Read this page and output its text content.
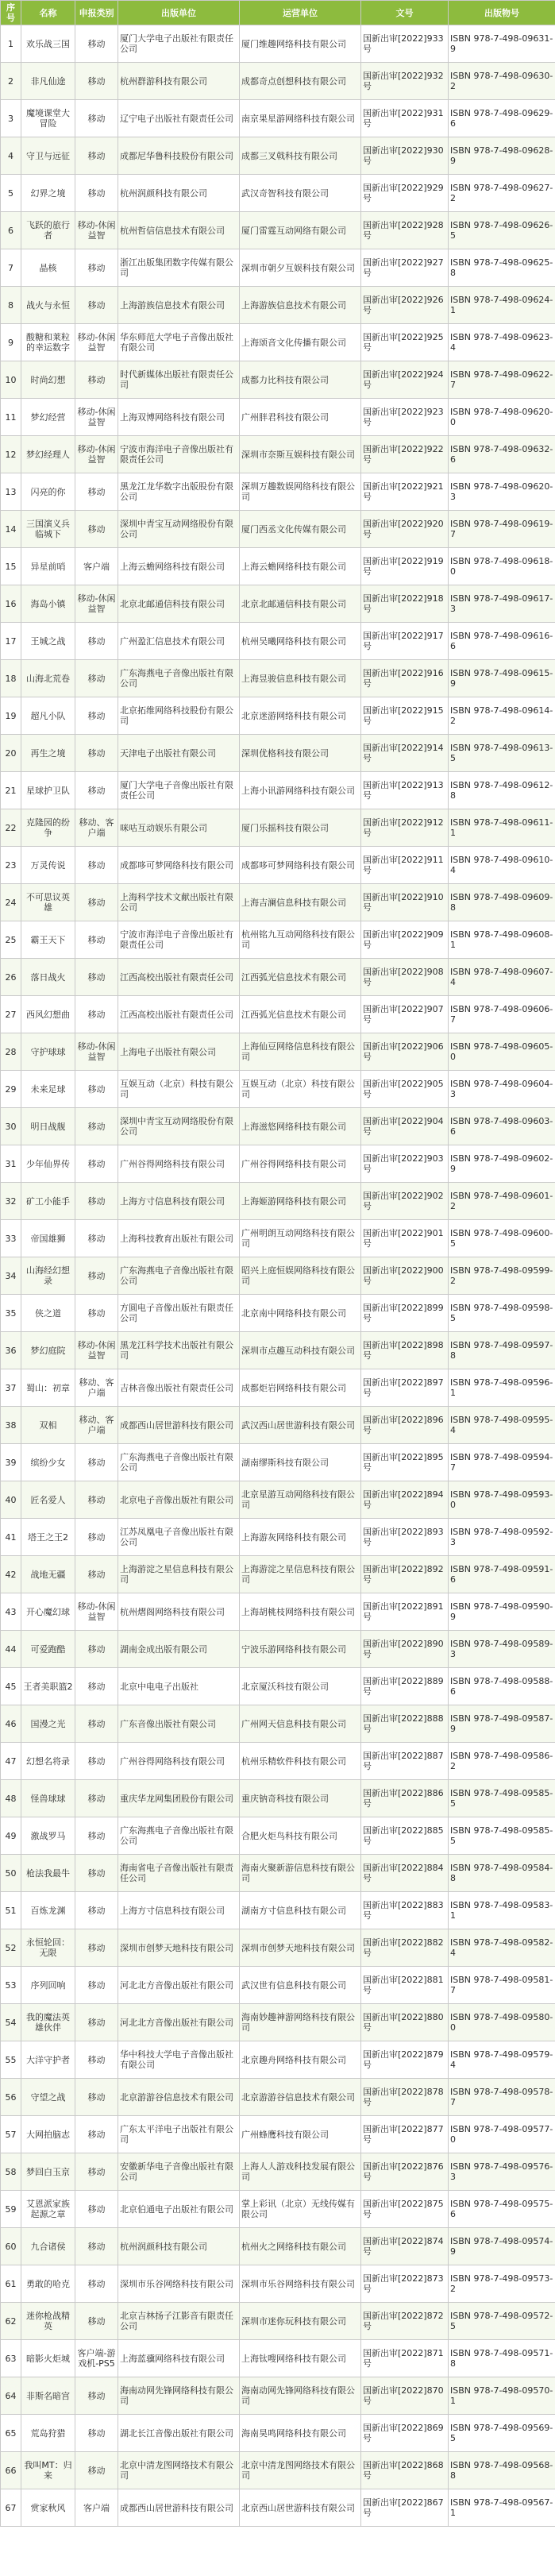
序号	名称	申报类别	出版单位	运营单位	文号	出版物号
1	欢乐战三国	移动	厦门大学电子出版社有限责任公司	厦门维趣网络科技有限公司	国新出审[2022]933号	ISBN 978-7-498-09631-9
2	非凡仙途	移动	杭州群游科技有限公司	成都奇点创想科技有限公司	国新出审[2022]932号	ISBN 978-7-498-09630-2
3	魔境课堂大冒险	移动	辽宁电子出版社有限责任公司	南京果星游网络科技有限公司	国新出审[2022]931号	ISBN 978-7-498-09629-6
4	守卫与远征	移动	成都尼华鲁科技股份有限公司	成都三叉戟科技有限公司	国新出审[2022]930号	ISBN 978-7-498-09628-9
5	幻界之境	移动	杭州润颜科技有限公司	武汉奇智科技有限公司	国新出审[2022]929号	ISBN 978-7-498-09627-2
6	飞跃的旅行者	移动-休闲益智	杭州哲信信息技术有限公司	厦门雷霆互动网络有限公司	国新出审[2022]928号	ISBN 978-7-498-09626-5
7	晶核	移动	浙江出版集团数字传媒有限公司	深圳市朝夕互娱科技有限公司	国新出审[2022]927号	ISBN 978-7-498-09625-8
8	战火与永恒	移动	上海游族信息技术有限公司	上海游族信息技术有限公司	国新出审[2022]926号	ISBN 978-7-498-09624-1
9	酸糖和莱粒的幸运数字	移动-休闲益智	华东师范大学电子音像出版社有限公司	上海颂音文化传播有限公司	国新出审[2022]925号	ISBN 978-7-498-09623-4
10	时尚幻想	移动	时代新媒体出版社有限责任公司	成都力比科技有限公司	国新出审[2022]924号	ISBN 978-7-498-09622-7
11	梦幻经营	移动-休闲益智	上海双博网络科技有限公司	广州胖君科技有限公司	国新出审[2022]923号	ISBN 978-7-498-09620-0
12	梦幻经理人	移动-休闲益智	宁波市海洋电子音像出版社有限责任公司	深圳市奈斯互娱科技有限公司	国新出审[2022]922号	ISBN 978-7-498-09632-6
13	闪亮的你	移动	黑龙江龙华数字出版股份有限公司	深圳万趣数娱网络科技有限公司	国新出审[2022]921号	ISBN 978-7-498-09620-3
14	三国演义兵临城下	移动	深圳中青宝互动网络股份有限公司	厦门西丞文化传媒有限公司	国新出审[2022]920号	ISBN 978-7-498-09619-7
15	异星前哨	客户端	上海云蟾网络科技有限公司	上海云蟾网络科技有限公司	国新出审[2022]919号	ISBN 978-7-498-09618-0
16	海岛小镇	移动-休闲益智	北京北邮通信科技有限公司	北京北邮通信科技有限公司	国新出审[2022]918号	ISBN 978-7-498-09617-3
17	王城之战	移动	广州盈汇信息技术有限公司	杭州吴曦网络科技有限公司	国新出审[2022]917号	ISBN 978-7-498-09616-6
18	山海北荒卷	移动	广东海燕电子音像出版社有限公司	上海昱骏信息科技有限公司	国新出审[2022]916号	ISBN 978-7-498-09615-9
19	超凡小队	移动	北京拓维网络科技股份有限公司	北京迷游网络科技有限公司	国新出审[2022]915号	ISBN 978-7-498-09614-2
20	再生之境	移动	天津电子出版社有限公司	深圳优格科技有限公司	国新出审[2022]914号	ISBN 978-7-498-09613-5
21	星球护卫队	移动	厦门大学电子音像出版社有限责任公司	上海小讯游网络科技有限公司	国新出审[2022]913号	ISBN 978-7-498-09612-8
22	克隆园的纷争	移动、客户端	咪咕互动娱乐有限公司	厦门乐摇科技有限公司	国新出审[2022]912号	ISBN 978-7-498-09611-1
23	万灵传说	移动	成都哆可梦网络科技有限公司	成都哆可梦网络科技有限公司	国新出审[2022]911号	ISBN 978-7-498-09610-4
24	不可思议英雄	移动	上海科学技术文献出版社有限公司	上海吉澜信息科技有限公司	国新出审[2022]910号	ISBN 978-7-498-09609-8
25	霸王天下	移动	宁波市海洋电子音像出版社有限责任公司	杭州铭九互动网络科技有限公司	国新出审[2022]909号	ISBN 978-7-498-09608-1
26	落日战火	移动	江西高校出版社有限责任公司	江西弧光信息技术有限公司	国新出审[2022]908号	ISBN 978-7-498-09607-4
27	西风幻想曲	移动	江西高校出版社有限责任公司	江西弧光信息技术有限公司	国新出审[2022]907号	ISBN 978-7-498-09606-7
28	守护球球	移动-休闲益智	上海电子出版社有限公司	上海仙豆网络信息科技有限公司	国新出审[2022]906号	ISBN 978-7-498-09605-0
29	未来足球	移动	互娱互动（北京）科技有限公司	互娱互动（北京）科技有限公司	国新出审[2022]905号	ISBN 978-7-498-09604-3
30	明日战舰	移动	深圳中青宝互动网络股份有限公司	上海滋悠网络科技有限公司	国新出审[2022]904号	ISBN 978-7-498-09603-6
31	少年仙界传	移动	广州谷得网络科技有限公司	广州谷得网络科技有限公司	国新出审[2022]903号	ISBN 978-7-498-09602-9
32	矿工小能手	移动	上海方寸信息科技有限公司	上海姬游网络科技有限公司	国新出审[2022]902号	ISBN 978-7-498-09601-2
33	帝国雄狮	移动	上海科技教育出版社有限公司	广州明朗互动网络科技有限公司	国新出审[2022]901号	ISBN 978-7-498-09600-5
34	山海经幻想录	移动	广东海燕电子音像出版社有限公司	昭兴上庭恒娱网络科技有限公司	国新出审[2022]900号	ISBN 978-7-498-09599-2
35	侠之道	移动	方圆电子音像出版社有限责任公司	北京南中网络科技有限公司	国新出审[2022]899号	ISBN 978-7-498-09598-5
36	梦幻庭院	移动-休闲益智	黑龙江科学技术出版社有限公司	深圳市点趣互动科技有限公司	国新出审[2022]898号	ISBN 978-7-498-09597-8
37	蜀山：初章	移动、客户端	吉林音像出版社有限责任公司	成都炬岩网络科技有限公司	国新出审[2022]897号	ISBN 978-7-498-09596-1
38	双相	移动、客户端	成都西山居世游科技有限公司	武汉西山居世游科技有限公司	国新出审[2022]896号	ISBN 978-7-498-09595-4
39	缤纷少女	移动	广东海燕电子音像出版社有限公司	湖南缪斯科技有限公司	国新出审[2022]895号	ISBN 978-7-498-09594-7
40	匠名爱人	移动	北京电子音像出版社有限公司	北京星游互动网络科技有限公司	国新出审[2022]894号	ISBN 978-7-498-09593-0
41	塔王之王2	移动	江苏凤凰电子音像出版社有限公司	上海游灰网络科技有限公司	国新出审[2022]893号	ISBN 978-7-498-09592-3
42	战地无疆	移动	上海游淀之星信息科技有限公司	上海游淀之星信息科技有限公司	国新出审[2022]892号	ISBN 978-7-498-09591-6
43	开心魔幻球	移动-休闲益智	杭州熠阁网络科技有限公司	上海胡桃枝网络科技有限公司	国新出审[2022]891号	ISBN 978-7-498-09590-9
44	可爱跑酷	移动	湖南金成出版有限公司	宁波乐游网络科技有限公司	国新出审[2022]890号	ISBN 978-7-498-09589-3
45	王者美职篮2	移动	北京中电电子出版社	北京厦沃科技有限公司	国新出审[2022]889号	ISBN 978-7-498-09588-6
46	国漫之光	移动	广东音像出版社有限公司	广州网天信息科技有限公司	国新出审[2022]888号	ISBN 978-7-498-09587-9
47	幻想名将录	移动	广州谷得网络科技有限公司	杭州乐精软件科技有限公司	国新出审[2022]887号	ISBN 978-7-498-09586-2
48	怪兽球球	移动	重庆华龙网集团股份有限公司	重庆钠奇科技有限公司	国新出审[2022]886号	ISBN 978-7-498-09585-5
49	激战罗马	移动	广东海燕电子音像出版社有限公司	合肥火炬鸟科技有限公司	国新出审[2022]885号	ISBN 978-7-498-09585-5
50	枪法我最牛	移动	海南省电子音像出版社有限责任公司	海南火聚新游信息科技有限公司	国新出审[2022]884号	ISBN 978-7-498-09584-8
51	百炼龙渊	移动	上海方寸信息科技有限公司	湖南方寸信息科技有限公司	国新出审[2022]883号	ISBN 978-7-498-09583-1
52	永恒轮回：无限	移动	深圳市创梦天地科技有限公司	深圳市创梦天地科技有限公司	国新出审[2022]882号	ISBN 978-7-498-09582-4
53	序列回响	移动	河北北方音像出版社有限公司	武汉世有信息科技有限公司	国新出审[2022]881号	ISBN 978-7-498-09581-7
54	我的魔法英雄伙伴	移动	河北北方音像出版社有限公司	海南妙趣神游网络科技有限公司	国新出审[2022]880号	ISBN 978-7-498-09580-0
55	大洋守护者	移动	华中科技大学电子音像出版社有限公司	北京趣舟网络科技有限公司	国新出审[2022]879号	ISBN 978-7-498-09579-4
56	守望之战	移动	北京游游谷信息技术有限公司	北京游游谷信息技术有限公司	国新出审[2022]878号	ISBN 978-7-498-09578-7
57	大网拍脑志	移动	广东太平洋电子出版社有限公司	广州蜂鹰科技有限公司	国新出审[2022]877号	ISBN 978-7-498-09577-0
58	梦回白玉京	移动	安徽新华电子音像出版社有限公司	上海人人游戏科技发展有限公司	国新出审[2022]876号	ISBN 978-7-498-09576-3
59	艾恩派家族起源之章	移动	北京伯通电子出版社有限公司	掌上彩讯（北京）无线传媒有限公司	国新出审[2022]875号	ISBN 978-7-498-09575-6
60	九合诸侯	移动	杭州润颜科技有限公司	杭州火之网络科技有限公司	国新出审[2022]874号	ISBN 978-7-498-09574-9
61	勇敢的哈克	移动	深圳市乐谷网络科技有限公司	深圳市乐谷网络科技有限公司	国新出审[2022]873号	ISBN 978-7-498-09573-2
62	迷你枪战精英	移动	北京吉林扬子江影音有限责任公司	深圳市迷你玩科技有限公司	国新出审[2022]872号	ISBN 978-7-498-09572-5
63	暗影火炬城	客户端-游戏机-PS5	上海蓝骥网络科技有限公司	上海钛嗖网络科技有限公司	国新出审[2022]871号	ISBN 978-7-498-09571-8
64	非斯名暗宫	移动	海南动网先锋网络科技有限公司	海南动网先锋网络科技有限公司	国新出审[2022]870号	ISBN 978-7-498-09570-1
65	荒岛狩猎	移动	湖北长江音像出版社有限公司	海南昊鸣网络科技有限公司	国新出审[2022]869号	ISBN 978-7-498-09569-5
66	我叫MT：归来	移动	北京中清龙图网络技术有限公司	北京中清龙图网络技术有限公司	国新出审[2022]868号	ISBN 978-7-498-09568-8
67	赏家秋风	客户端	成都西山居世游科技有限公司	北京西山居世游科技有限公司	国新出审[2022]867号	ISBN 978-7-498-09567-1
